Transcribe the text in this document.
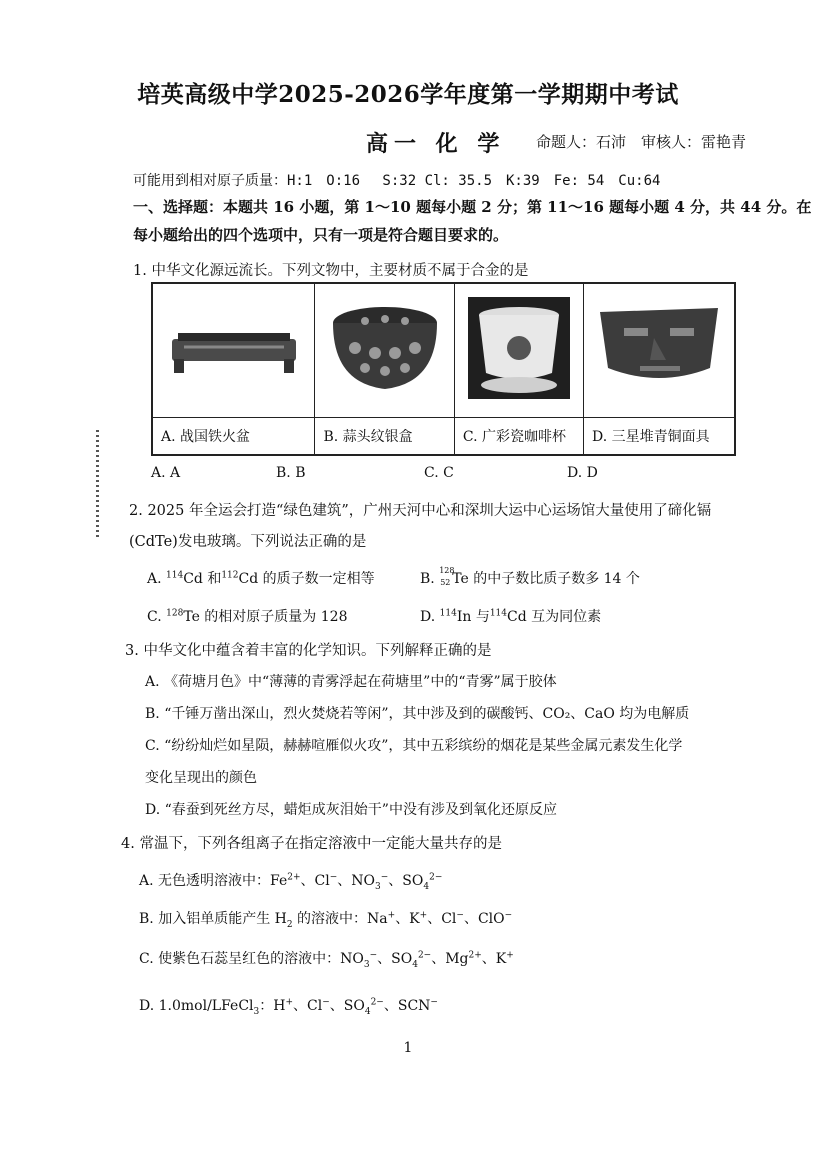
培英高级中学2025-2026学年度第一学期期中考试
高一 化 学 命题人：石沛　审核人：雷艳青
可能用到相对原子质量：H:1　O:16　 S:32 Cl: 35.5　K:39　Fe: 54　Cu:64
一、选择题：本题共 16 小题，第 1～10 题每小题 2 分；第 11～16 题每小题 4 分，共 44 分。在
每小题给出的四个选项中，只有一项是符合题目要求的。
1. 中华文化源远流长。下列文物中，主要材质不属于合金的是

A. 战国铁火盆	B. 蒜头纹银盒	C. 广彩瓷咖啡杯	D. 三星堆青铜面具
A. A	B. B	C. C	D. D
2. 2025 年全运会打造“绿色建筑”，广州天河中心和深圳大运中心运场馆大量使用了碲化镉
(CdTe)发电玻璃。下列说法正确的是
A. $^{114}$Cd 和$^{112}$Cd 的质子数一定相等	B.
128
52 Te 的中子数比质子数多 14 个
C. $^{128}$Te 的相对原子质量为 128	D. $^{114}$In 与$^{114}$Cd 互为同位素
3. 中华文化中蕴含着丰富的化学知识。下列解释正确的是
A. 《荷塘月色》中“薄薄的青雾浮起在荷塘里”中的“青雾”属于胶体
B. “千锤万凿出深山，烈火焚烧若等闲”，其中涉及到的碳酸钙、CO₂、CaO 均为电解质
C. “纷纷灿烂如星陨，赫赫喧雁似火攻”，其中五彩缤纷的烟花是某些金属元素发生化学
变化呈现出的颜色
D. “春蚕到死丝方尽，蜡炬成灰泪始干”中没有涉及到氧化还原反应
4. 常温下，下列各组离子在指定溶液中一定能大量共存的是
A. 无色透明溶液中：$Fe^{2+}$、Cl−、$NO_3^-$、$SO_4^{2-}$
B. 加入铝单质能产生 $H_2$ 的溶液中：Na+、K+、Cl−、ClO−
C. 使紫色石蕊呈红色的溶液中：$NO_3^-$、$SO_4^{2-}$、$Mg^{2+}$、K+
D. 1.0mol/LFeCl$_3$：H+、Cl−、$SO_4^{2-}$、SCN−
1
